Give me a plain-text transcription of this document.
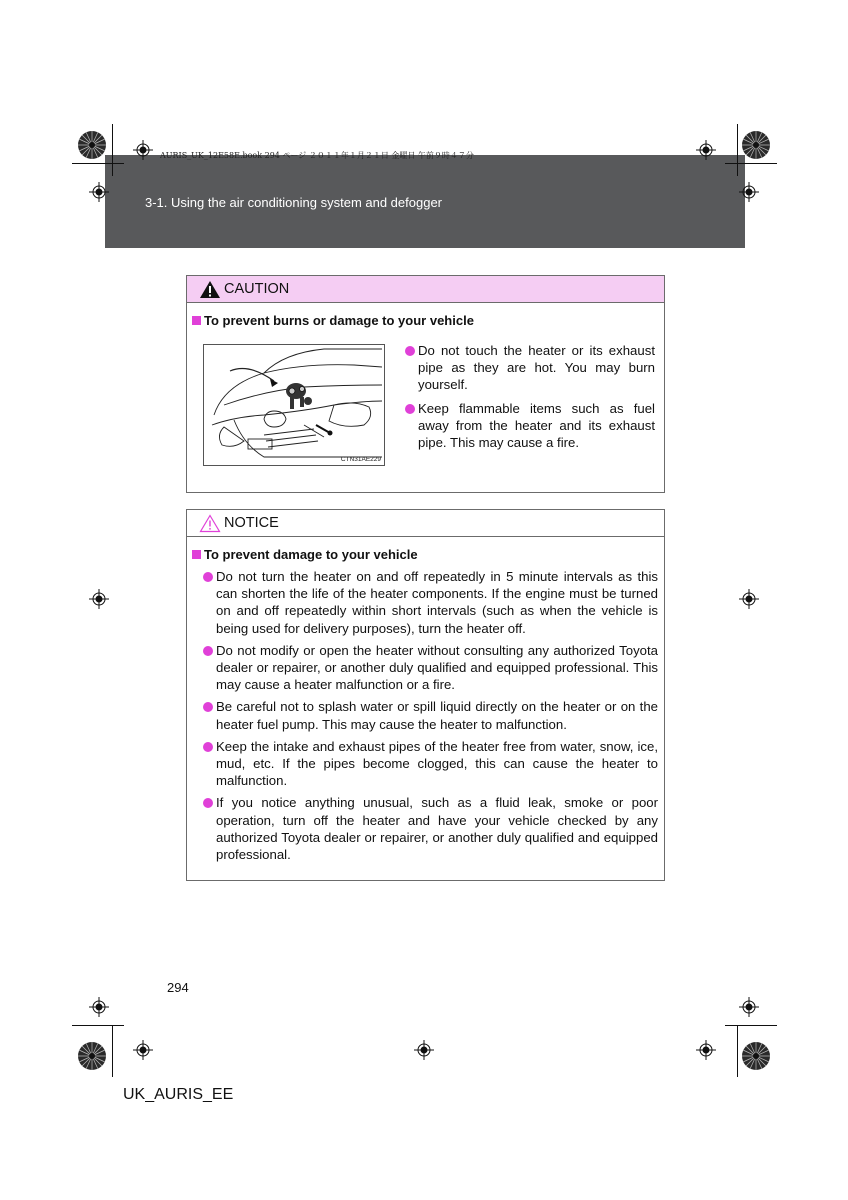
AURIS_UK_12E58E.book 294 ページ ２０１１年１月２１日 金曜日 午前９時４７分
3-1. Using the air conditioning system and defogger
CAUTION
To prevent burns or damage to your vehicle
CTN31AE229
Do not touch the heater or its exhaust pipe as they are hot. You may burn yourself.
Keep flammable items such as fuel away from the heater and its exhaust pipe. This may cause a fire.
NOTICE
To prevent damage to your vehicle
Do not turn the heater on and off repeatedly in 5 minute intervals as this can shorten the life of the heater components. If the engine must be turned on and off repeatedly within short intervals (such as when the vehicle is being used for delivery purposes), turn the heater off.
Do not modify or open the heater without consulting any authorized Toyota dealer or repairer, or another duly qualified and equipped professional. This may cause a heater malfunction or a fire.
Be careful not to splash water or spill liquid directly on the heater or on the heater fuel pump. This may cause the heater to malfunction.
Keep the intake and exhaust pipes of the heater free from water, snow, ice, mud, etc. If the pipes become clogged, this can cause the heater to malfunction.
If you notice anything unusual, such as a fluid leak, smoke or poor operation, turn off the heater and have your vehicle checked by any authorized Toyota dealer or repairer, or another duly qualified and equipped professional.
294
UK_AURIS_EE
